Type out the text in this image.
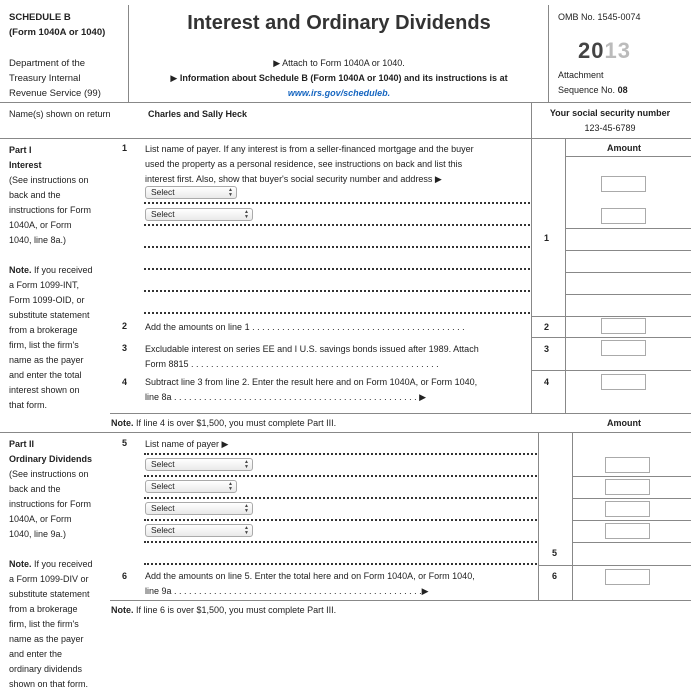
SCHEDULE B
(Form 1040A or 1040)
Department of the
Treasury Internal
Revenue Service (99)
Interest and Ordinary Dividends
▶ Attach to Form 1040A or 1040.
▶ Information about Schedule B (Form 1040A or 1040) and its instructions is at
www.irs.gov/scheduleb.
OMB No. 1545-0074
2013
Attachment
Sequence No. 08
Name(s) shown on return	Charles and Sally Heck	Your social security number
123-45-6789
Part I
Interest
(See instructions on
back and the
instructions for Form
1040A, or Form
1040, line 8a.)
Note. If you received
a Form 1099-INT,
Form 1099-OID, or
substitute statement
from a brokerage
firm, list the firm's
name as the payer
and enter the total
interest shown on
that form.
Amount
1 List name of payer. If any interest is from a seller-financed mortgage and the buyer
used the property as a personal residence, see instructions on back and list this
interest first. Also, show that buyer's social security number and address ▶
Select	▲
▼
Select	▲
▼
1
2 Add the amounts on line 1 . . . . . . . . . . . . . . . . . . . . . . . . . . . . . . . . . . . . . . . . . . .	2
3 Excludable interest on series EE and I U.S. savings bonds issued after 1989. Attach
Form 8815 . . . . . . . . . . . . . . . . . . . . . . . . . . . . . . . . . . . . . . . . . . . . . . . . . .
3
4 Subtract line 3 from line 2. Enter the result here and on Form 1040A, or Form 1040,
line 8a . . . . . . . . . . . . . . . . . . . . . . . . . . . . . . . . . . . . . . . . . . . . . . . . . ▶
4
Note. If line 4 is over $1,500, you must complete Part III.	Amount
Part II
Ordinary Dividends
(See instructions on
back and the
instructions for Form
1040A, or Form
1040, line 9a.)
Note. If you received
a Form 1099-DIV or
substitute statement
from a brokerage
firm, list the firm's
name as the payer
and enter the
ordinary dividends
shown on that form.
5 List name of payer ▶
Select	▲
▼
Select	▲
▼
Select	▲
▼
Select	▲
▼
5
6 Add the amounts on line 5. Enter the total here and on Form 1040A, or Form 1040,
line 9a . . . . . . . . . . . . . . . . . . . . . . . . . . . . . . . . . . . . . . . . . . . . . . . . . .▶
6
Note. If line 6 is over $1,500, you must complete Part III.
